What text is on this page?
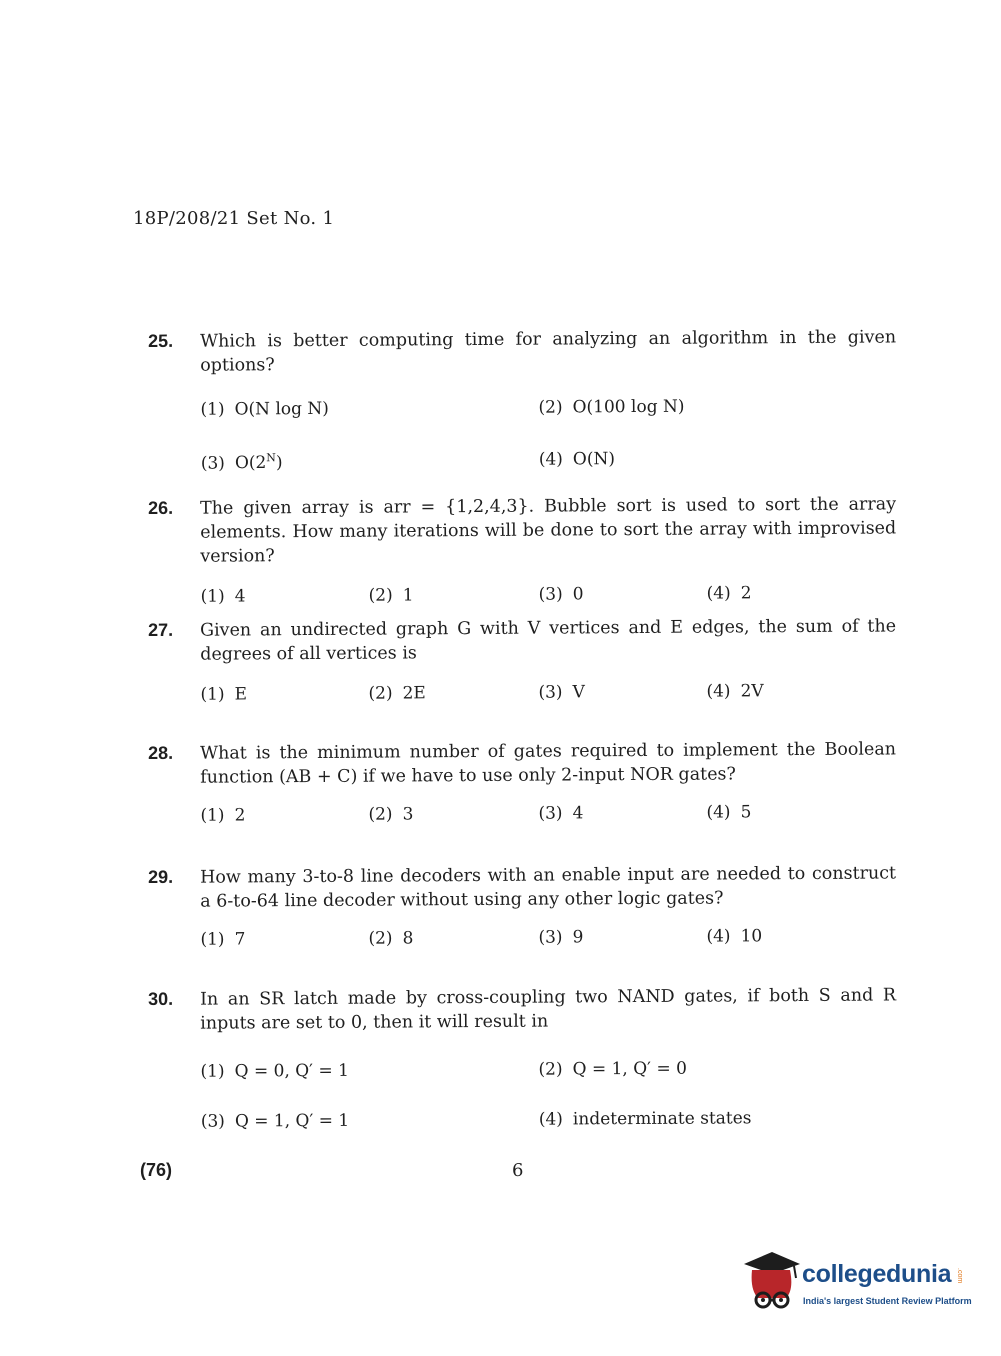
18P/208/21 Set No. 1
25.	Which is better computing time for analyzing an algorithm in the given options?
(1) O(N log N)	(2) O(100 log N)
(3) $O(2^N)$	(4) O(N)
26.	The given array is arr = {1,2,4,3}. Bubble sort is used to sort the array elements. How many iterations will be done to sort the array with improvised version?
(1) 4	(2) 1	(3) 0	(4) 2
27.	Given an undirected graph G with V vertices and E edges, the sum of the degrees of all vertices is
(1) E	(2) 2E	(3) V	(4) 2V
28.	What is the minimum number of gates required to implement the Boolean function (AB + C) if we have to use only 2-input NOR gates?
(1) 2	(2) 3	(3) 4	(4) 5
29.	How many 3-to-8 line decoders with an enable input are needed to construct a 6-to-64 line decoder without using any other logic gates?
(1) 7	(2) 8	(3) 9	(4) 10
30.	In an SR latch made by cross-coupling two NAND gates, if both S and R inputs are set to 0, then it will result in
(1) Q = 0, Q′ = 1	(2) Q = 1, Q′ = 0
(3) Q = 1, Q′ = 1	(4) indeterminate states
(76)	6
collegedunia .com
India's largest Student Review Platform
